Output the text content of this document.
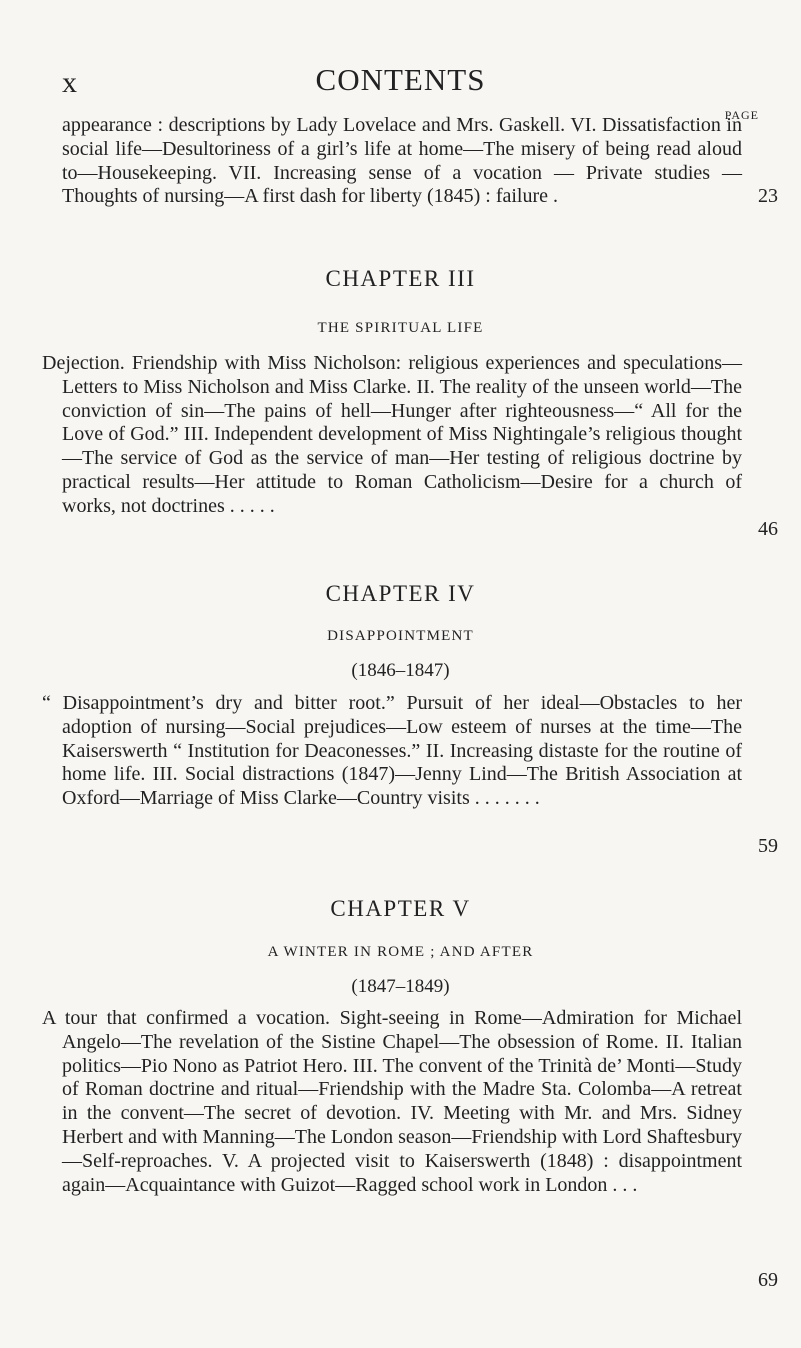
x	CONTENTS
PAGE
appearance : descriptions by Lady Lovelace and Mrs. Gaskell. VI. Dissatisfaction in social life—Desultoriness of a girl’s life at home—The misery of being read aloud to—Housekeeping. VII. Increasing sense of a vocation — Private studies — Thoughts of nursing—A first dash for liberty (1845) : failure .	23
CHAPTER III
THE SPIRITUAL LIFE
Dejection. Friendship with Miss Nicholson: religious experiences and speculations—Letters to Miss Nicholson and Miss Clarke. II. The reality of the unseen world—The conviction of sin—The pains of hell—Hunger after righteousness—“ All for the Love of God.” III. Independent development of Miss Nightingale’s religious thought—The service of God as the service of man—Her testing of religious doctrine by practical results—Her attitude to Roman Catholicism—Desire for a church of works, not doctrines . . . . .
46
CHAPTER IV
DISAPPOINTMENT
(1846–1847)
“ Disappointment’s dry and bitter root.” Pursuit of her ideal—Obstacles to her adoption of nursing—Social prejudices—Low esteem of nurses at the time—The Kaiserswerth “ Institution for Deaconesses.” II. Increasing distaste for the routine of home life. III. Social distractions (1847)—Jenny Lind—The British Association at Oxford—Marriage of Miss Clarke—Country visits . . . . . . .
59
CHAPTER V
A WINTER IN ROME ; AND AFTER
(1847–1849)
A tour that confirmed a vocation. Sight-seeing in Rome—Admiration for Michael Angelo—The revelation of the Sistine Chapel—The obsession of Rome. II. Italian politics—Pio Nono as Patriot Hero. III. The convent of the Trinità de’ Monti—Study of Roman doctrine and ritual—Friendship with the Madre Sta. Colomba—A retreat in the convent—The secret of devotion. IV. Meeting with Mr. and Mrs. Sidney Herbert and with Manning—The London season—Friendship with Lord Shaftesbury—Self-reproaches. V. A projected visit to Kaiserswerth (1848) : disappointment again—Acquaintance with Guizot—Ragged school work in London . . .
69
